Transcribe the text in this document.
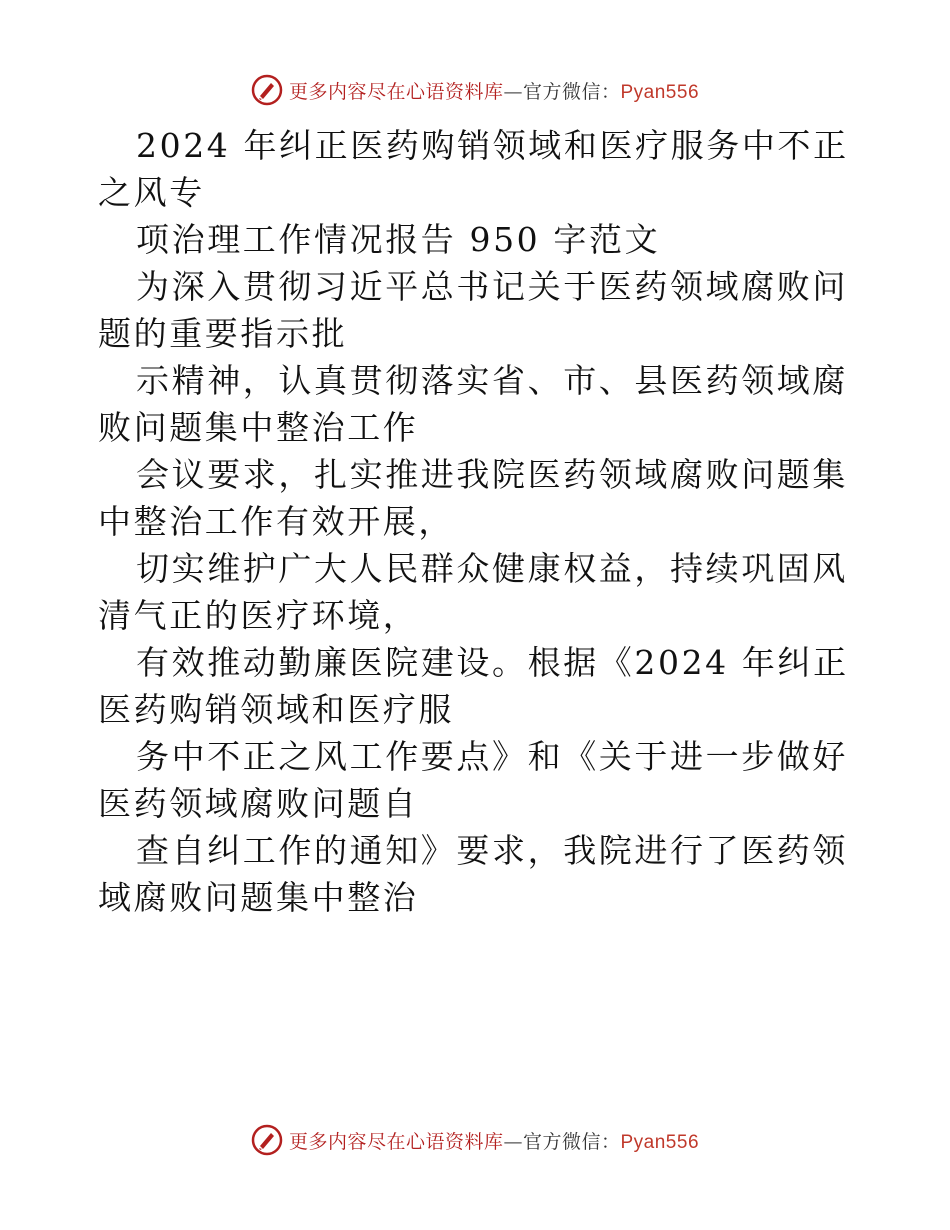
更多内容尽在心语资料库—官方微信：Pyan556

2024 年纠正医药购销领域和医疗服务中不正之风专

项治理工作情况报告 950 字范文

为深入贯彻习近平总书记关于医药领域腐败问题的重要指示批

示精神，认真贯彻落实省、市、县医药领域腐败问题集中整治工作

会议要求，扎实推进我院医药领域腐败问题集中整治工作有效开展，

切实维护广大人民群众健康权益，持续巩固风清气正的医疗环境，

有效推动勤廉医院建设。根据《2024 年纠正医药购销领域和医疗服

务中不正之风工作要点》和《关于进一步做好医药领域腐败问题自

查自纠工作的通知》要求，我院进行了医药领域腐败问题集中整治

更多内容尽在心语资料库—官方微信：Pyan556
